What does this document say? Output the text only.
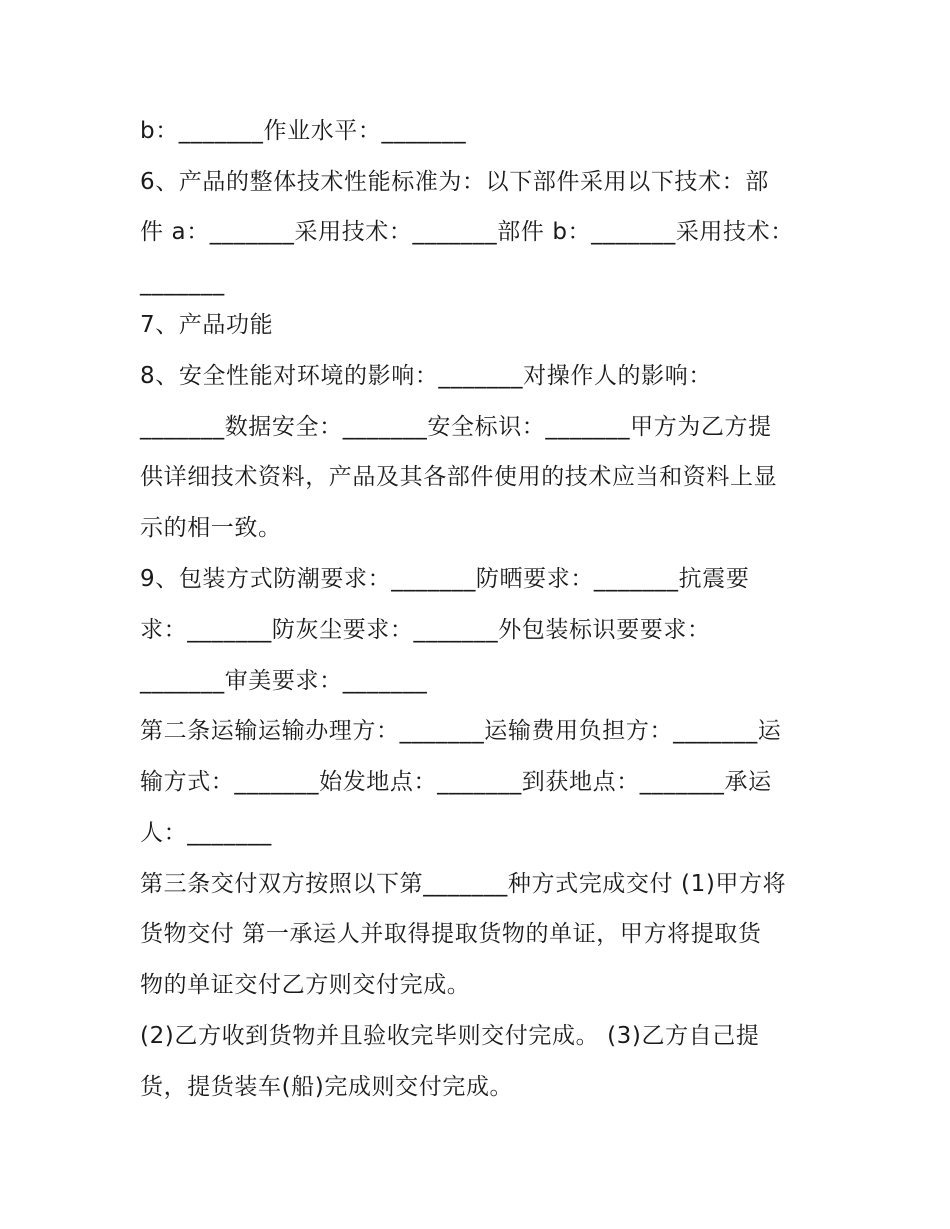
b：_______作业水平：_______
6、产品的整体技术性能标准为：以下部件采用以下技术：部
件 a：_______采用技术：_______部件 b：_______采用技术：
_______
7、产品功能
8、安全性能对环境的影响：_______对操作人的影响：
_______数据安全：_______安全标识：_______甲方为乙方提
供详细技术资料，产品及其各部件使用的技术应当和资料上显
示的相一致。
9、包装方式防潮要求：_______防晒要求：_______抗震要
求：_______防灰尘要求：_______外包装标识要要求：
_______审美要求：_______
第二条运输运输办理方：_______运输费用负担方：_______运
输方式：_______始发地点：_______到获地点：_______承运
人：_______
第三条交付双方按照以下第_______种方式完成交付 (1)甲方将
货物交付 第一承运人并取得提取货物的单证，甲方将提取货
物的单证交付乙方则交付完成。
(2)乙方收到货物并且验收完毕则交付完成。 (3)乙方自己提
货，提货装车(船)完成则交付完成。
